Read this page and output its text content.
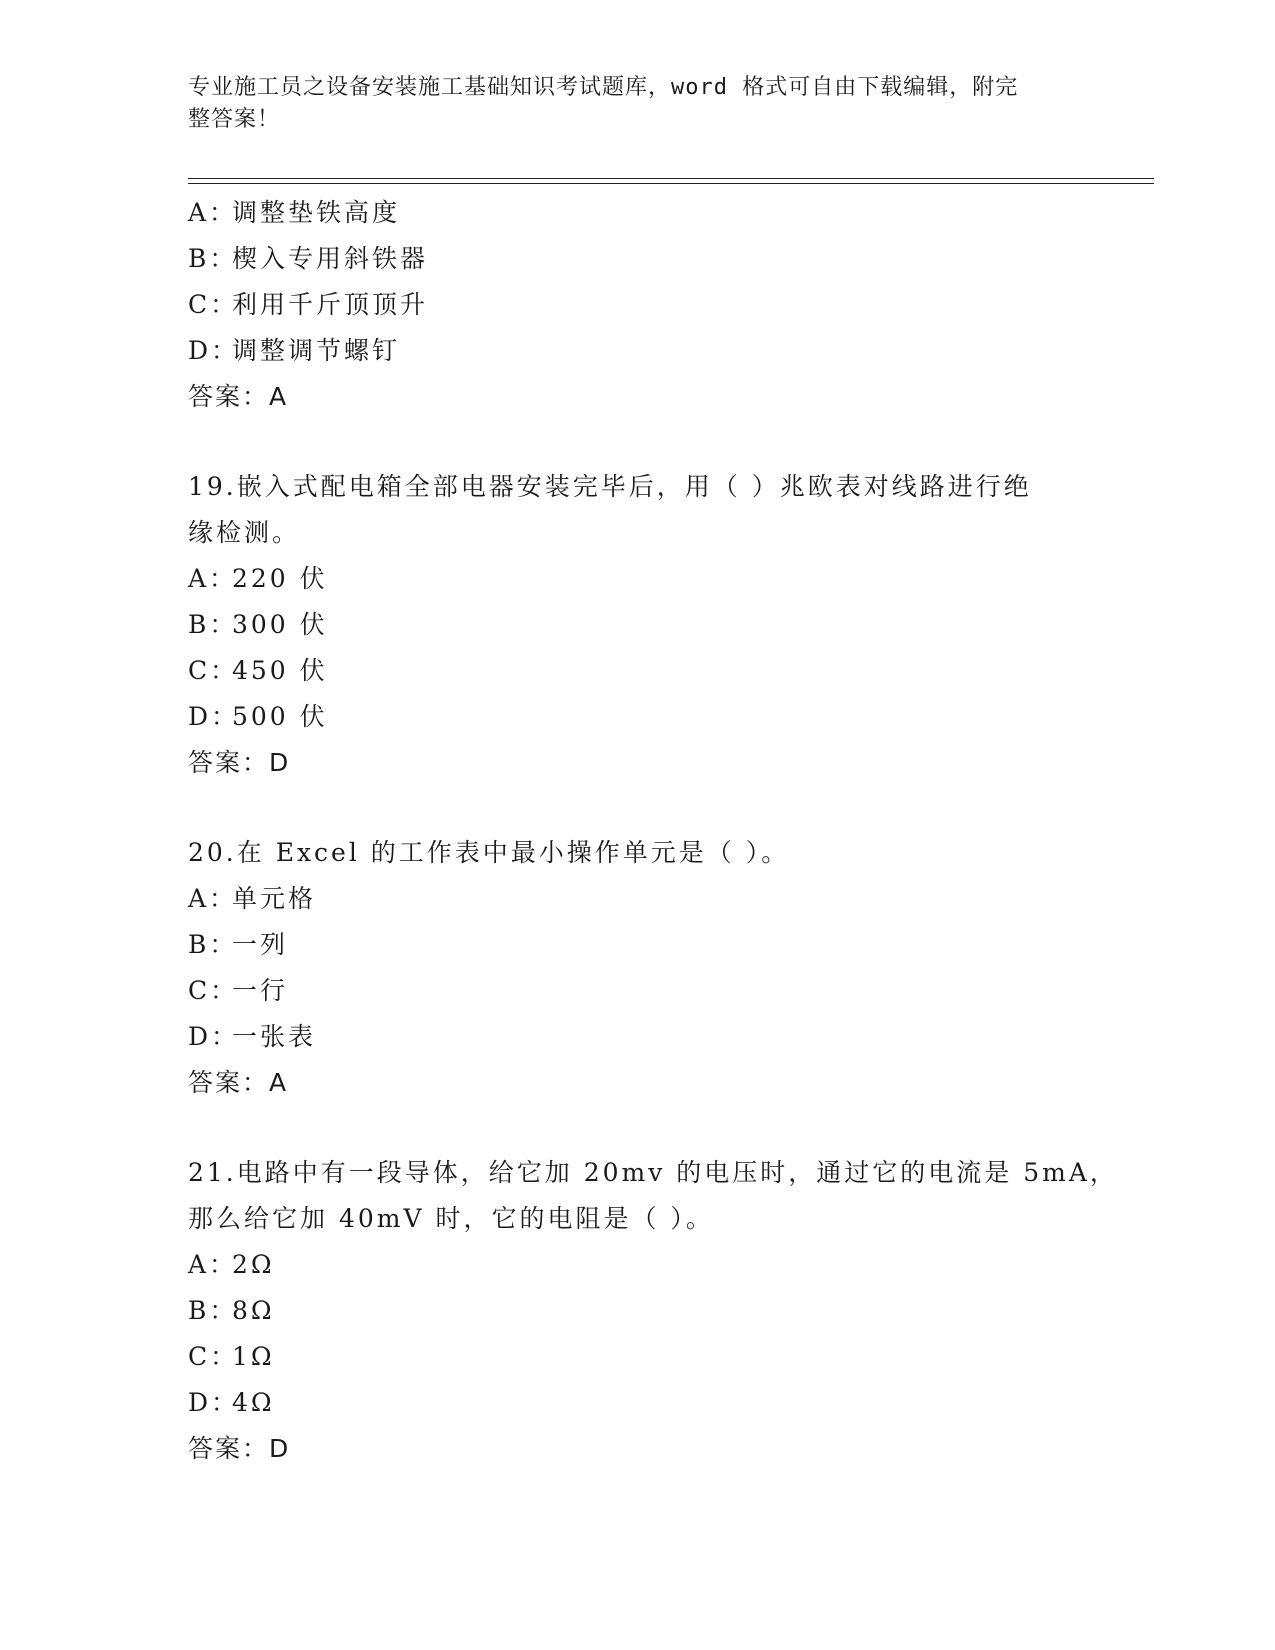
专业施工员之设备安装施工基础知识考试题库，word 格式可自由下载编辑，附完
整答案！
A：调整垫铁高度
B：楔入专用斜铁器
C：利用千斤顶顶升
D：调整调节螺钉
答案：A
19.嵌入式配电箱全部电器安装完毕后，用（ ）兆欧表对线路进行绝
缘检测。
A：220 伏
B：300 伏
C：450 伏
D：500 伏
答案：D
20.在 Excel 的工作表中最小操作单元是（ ）。
A：单元格
B：一列
C：一行
D：一张表
答案：A
21.电路中有一段导体，给它加 20mv 的电压时，通过它的电流是 5mA，
那么给它加 40mV 时，它的电阻是（ ）。
A：2Ω
B：8Ω
C：1Ω
D：4Ω
答案：D
